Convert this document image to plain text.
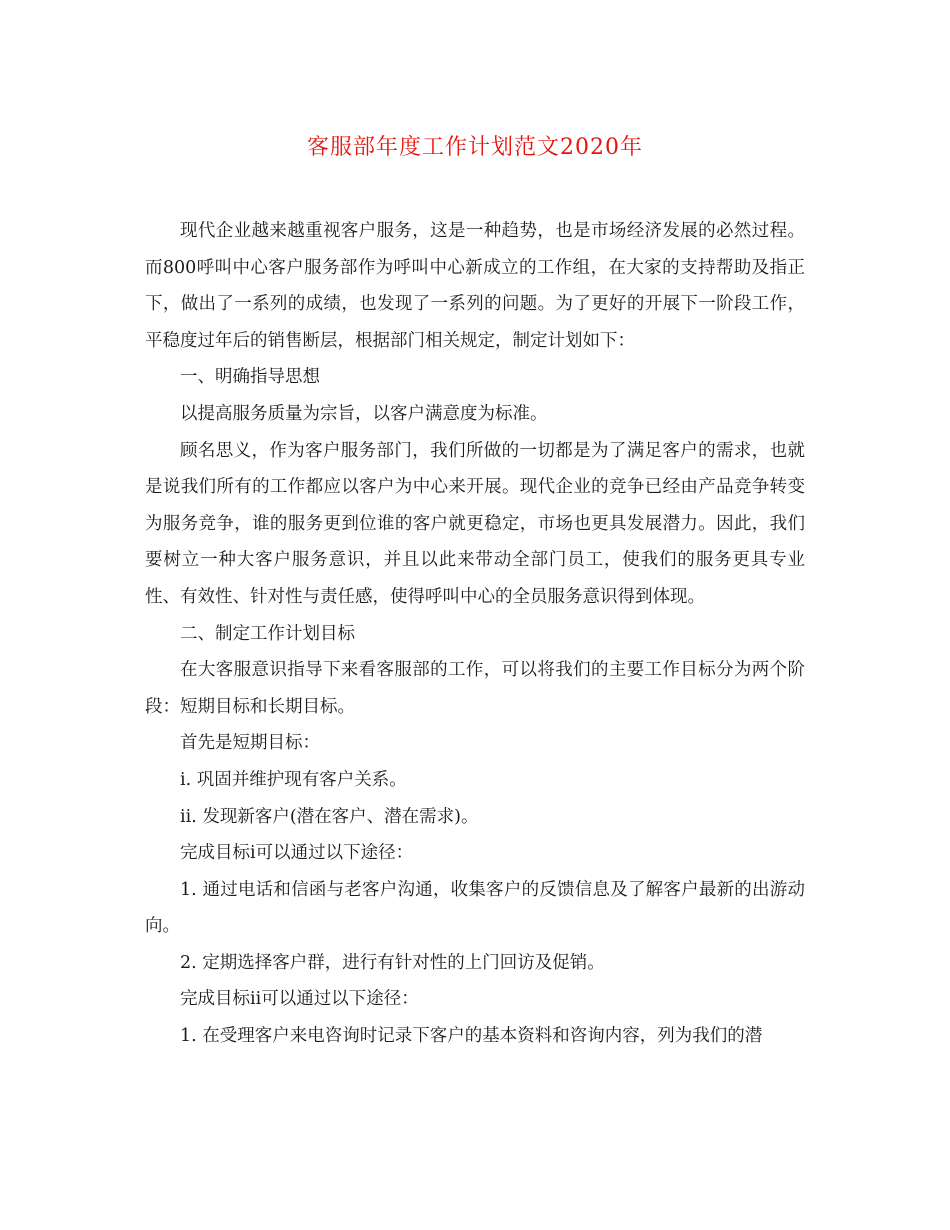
客服部年度工作计划范文2020年

现代企业越来越重视客户服务，这是一种趋势，也是市场经济发展的必然过程。而800呼叫中心客户服务部作为呼叫中心新成立的工作组，在大家的支持帮助及指正下，做出了一系列的成绩，也发现了一系列的问题。为了更好的开展下一阶段工作，平稳度过年后的销售断层，根据部门相关规定，制定计划如下：

一、明确指导思想

以提高服务质量为宗旨，以客户满意度为标准。

顾名思义，作为客户服务部门，我们所做的一切都是为了满足客户的需求，也就是说我们所有的工作都应以客户为中心来开展。现代企业的竞争已经由产品竞争转变为服务竞争，谁的服务更到位谁的客户就更稳定，市场也更具发展潜力。因此，我们要树立一种大客户服务意识，并且以此来带动全部门员工，使我们的服务更具专业性、有效性、针对性与责任感，使得呼叫中心的全员服务意识得到体现。

二、制定工作计划目标

在大客服意识指导下来看客服部的工作，可以将我们的主要工作目标分为两个阶段：短期目标和长期目标。

首先是短期目标：

i. 巩固并维护现有客户关系。

ii. 发现新客户(潜在客户、潜在需求)。

完成目标i可以通过以下途径：

1. 通过电话和信函与老客户沟通，收集客户的反馈信息及了解客户最新的出游动向。

2. 定期选择客户群，进行有针对性的上门回访及促销。

完成目标ii可以通过以下途径：

1. 在受理客户来电咨询时记录下客户的基本资料和咨询内容，列为我们的潜
